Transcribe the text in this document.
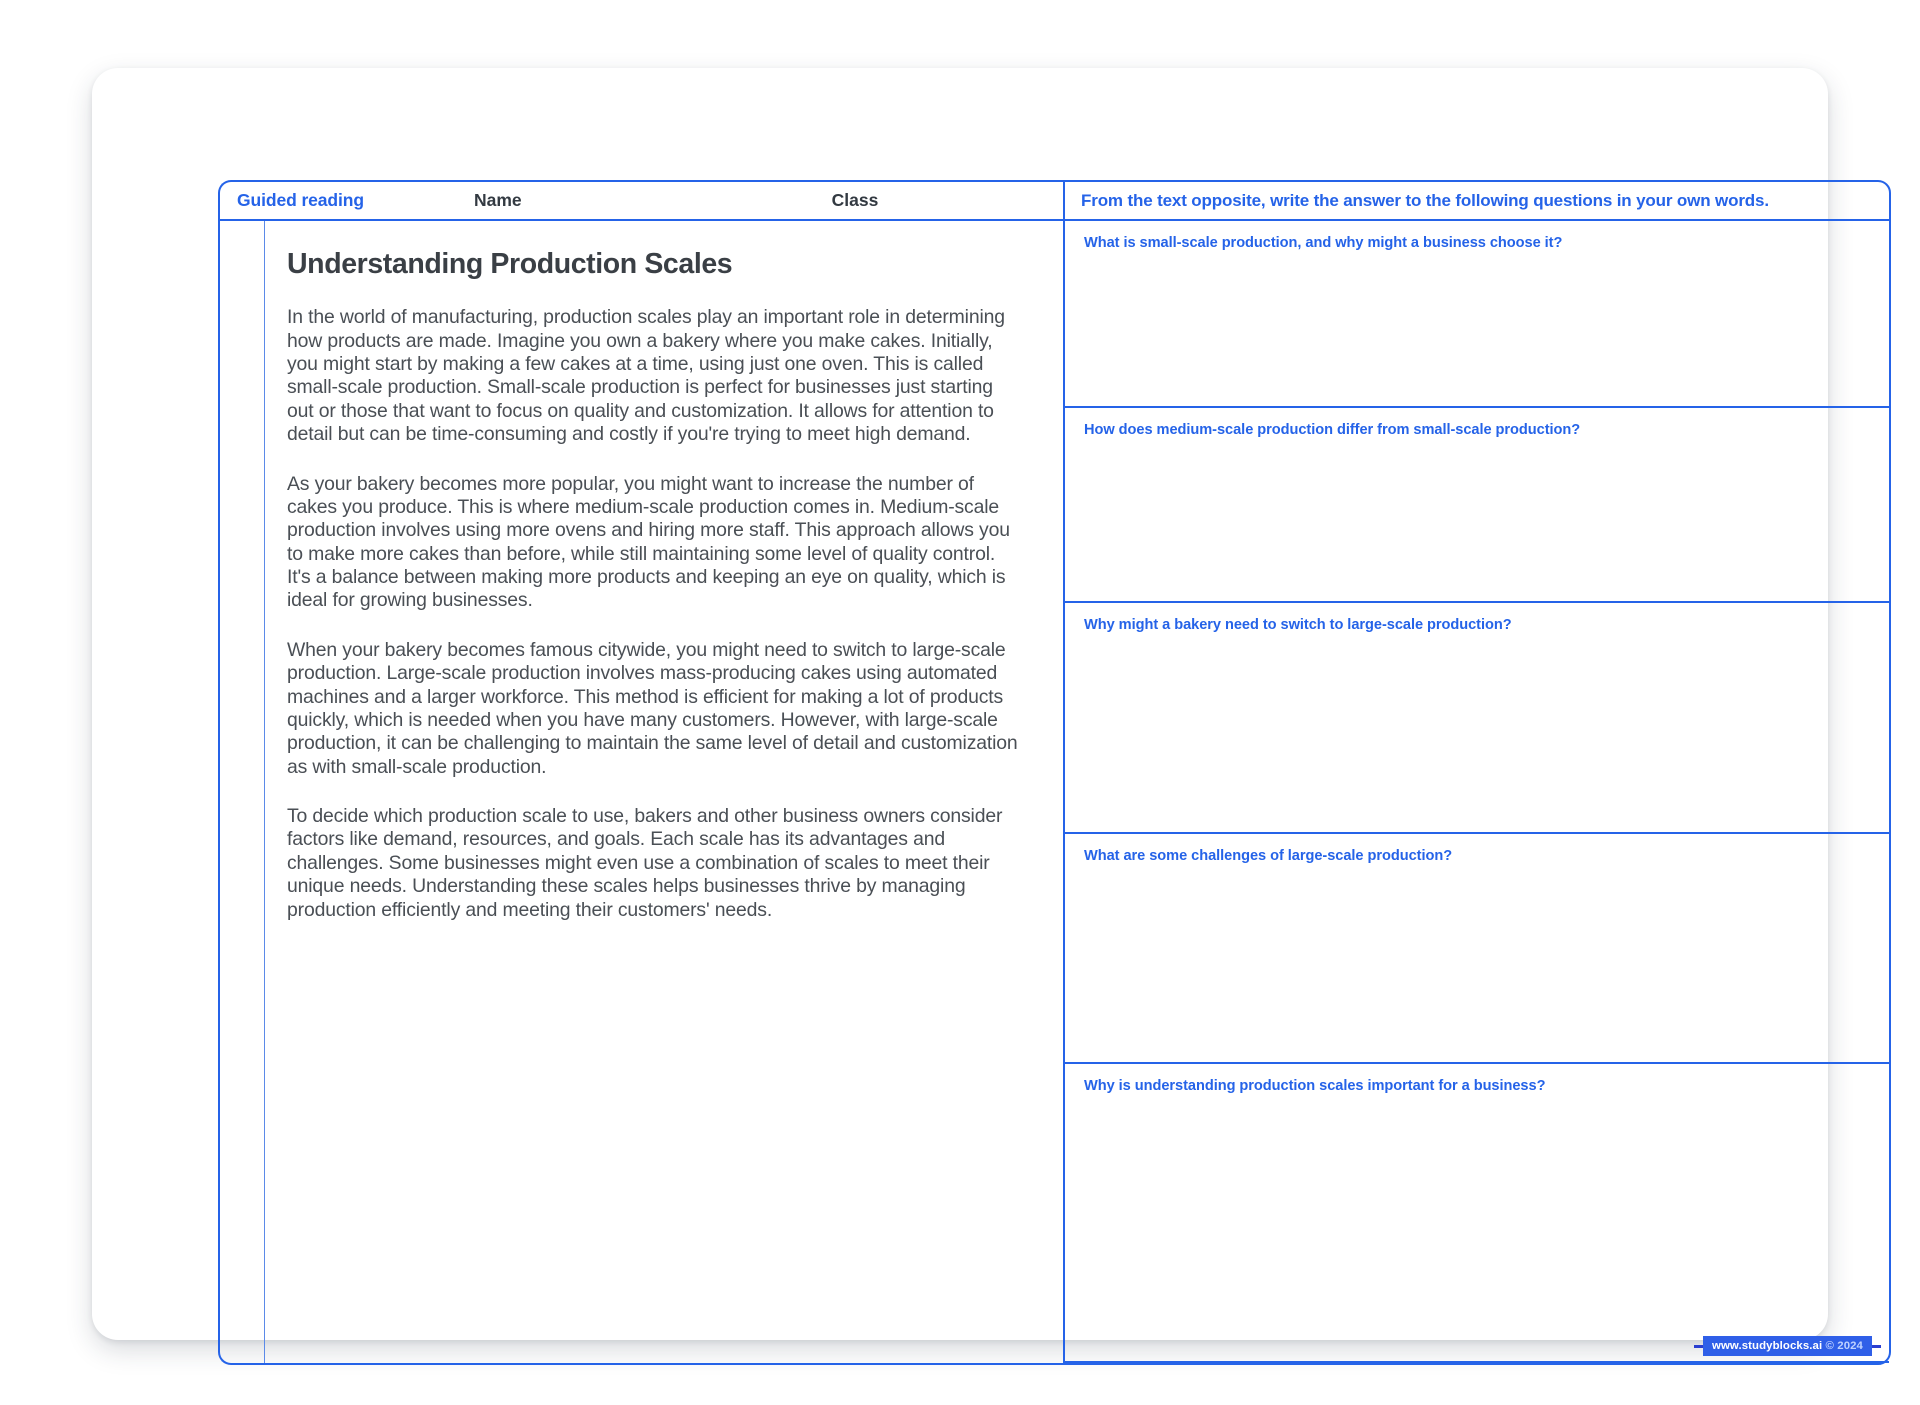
Guided reading	Name	Class	From the text opposite, write the answer to the following questions in your own words.
Understanding Production Scales

In the world of manufacturing, production scales play an important role in determining how products are made. Imagine you own a bakery where you make cakes. Initially, you might start by making a few cakes at a time, using just one oven. This is called small-scale production. Small-scale production is perfect for businesses just starting out or those that want to focus on quality and customization. It allows for attention to detail but can be time-consuming and costly if you're trying to meet high demand.

As your bakery becomes more popular, you might want to increase the number of cakes you produce. This is where medium-scale production comes in. Medium-scale production involves using more ovens and hiring more staff. This approach allows you to make more cakes than before, while still maintaining some level of quality control. It's a balance between making more products and keeping an eye on quality, which is ideal for growing businesses.

When your bakery becomes famous citywide, you might need to switch to large-scale production. Large-scale production involves mass-producing cakes using automated machines and a larger workforce. This method is efficient for making a lot of products quickly, which is needed when you have many customers. However, with large-scale production, it can be challenging to maintain the same level of detail and customization as with small-scale production.

To decide which production scale to use, bakers and other business owners consider factors like demand, resources, and goals. Each scale has its advantages and challenges. Some businesses might even use a combination of scales to meet their unique needs. Understanding these scales helps businesses thrive by managing production efficiently and meeting their customers' needs.

What is small-scale production, and why might a business choose it?
How does medium-scale production differ from small-scale production?
Why might a bakery need to switch to large-scale production?
What are some challenges of large-scale production?
Why is understanding production scales important for a business?
www.studyblocks.ai © 2024
